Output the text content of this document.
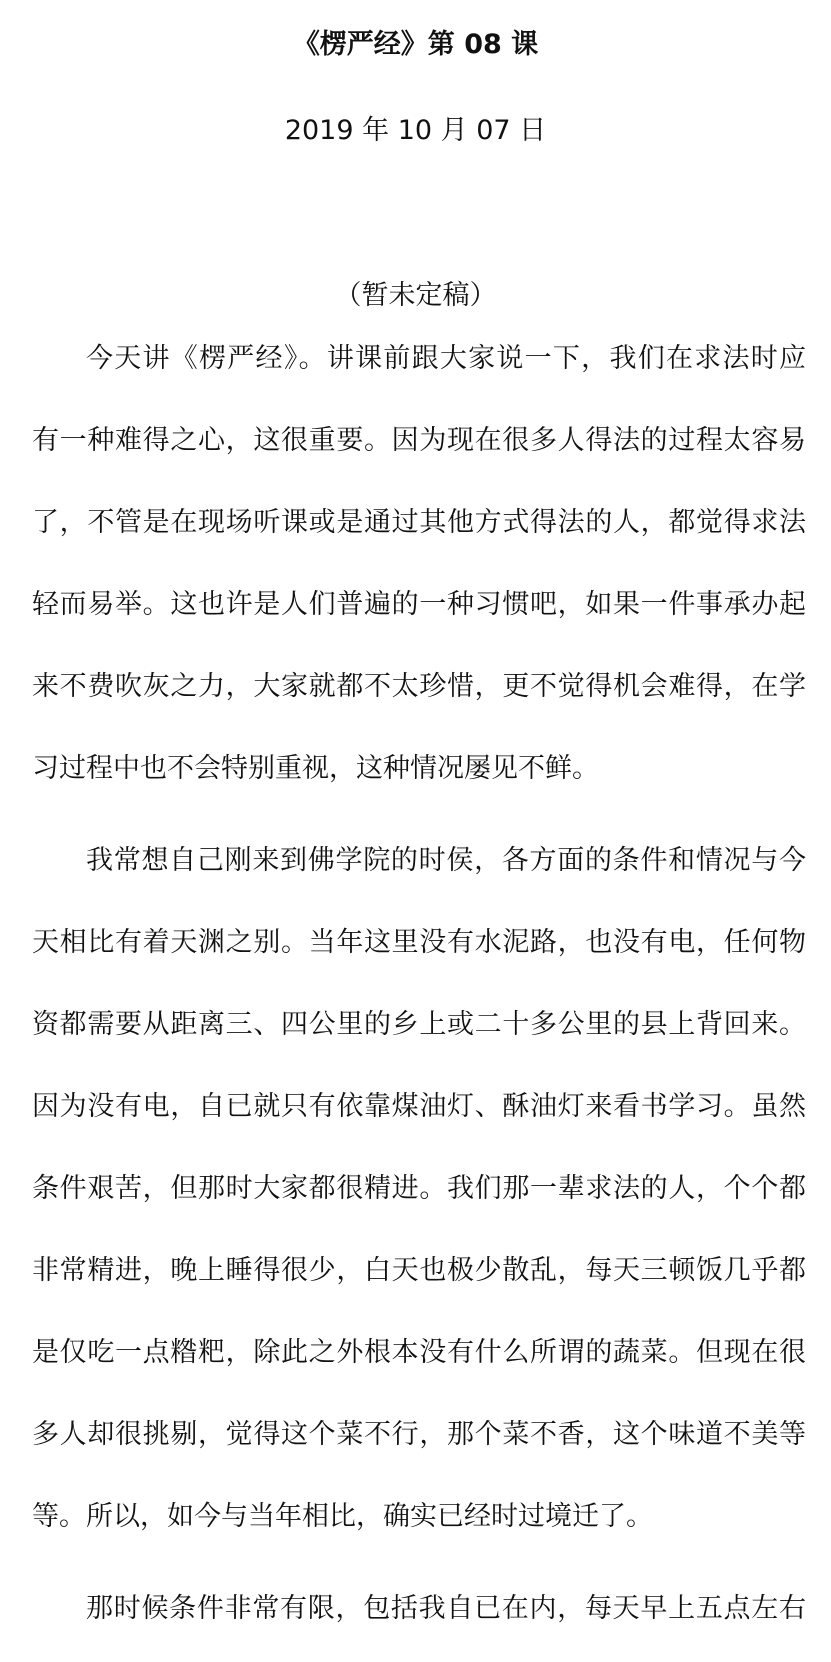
《楞严经》第 08 课
2019 年 10 月 07 日
（暂未定稿）
今天讲《楞严经》。讲课前跟大家说一下，我们在求法时应
有一种难得之心，这很重要。因为现在很多人得法的过程太容易
了，不管是在现场听课或是通过其他方式得法的人，都觉得求法
轻而易举。这也许是人们普遍的一种习惯吧，如果一件事承办起
来不费吹灰之力，大家就都不太珍惜，更不觉得机会难得，在学
习过程中也不会特别重视，这种情况屡见不鲜。
我常想自己刚来到佛学院的时侯，各方面的条件和情况与今
天相比有着天渊之别。当年这里没有水泥路，也没有电，任何物
资都需要从距离三、四公里的乡上或二十多公里的县上背回来。
因为没有电，自已就只有依靠煤油灯、酥油灯来看书学习。虽然
条件艰苦，但那时大家都很精进。我们那一辈求法的人，个个都
非常精进，晚上睡得很少，白天也极少散乱，每天三顿饭几乎都
是仅吃一点糌粑，除此之外根本没有什么所谓的蔬菜。但现在很
多人却很挑剔，觉得这个菜不行，那个菜不香，这个味道不美等
等。所以，如今与当年相比，确实已经时过境迁了。
那时候条件非常有限，包括我自已在内，每天早上五点左右
